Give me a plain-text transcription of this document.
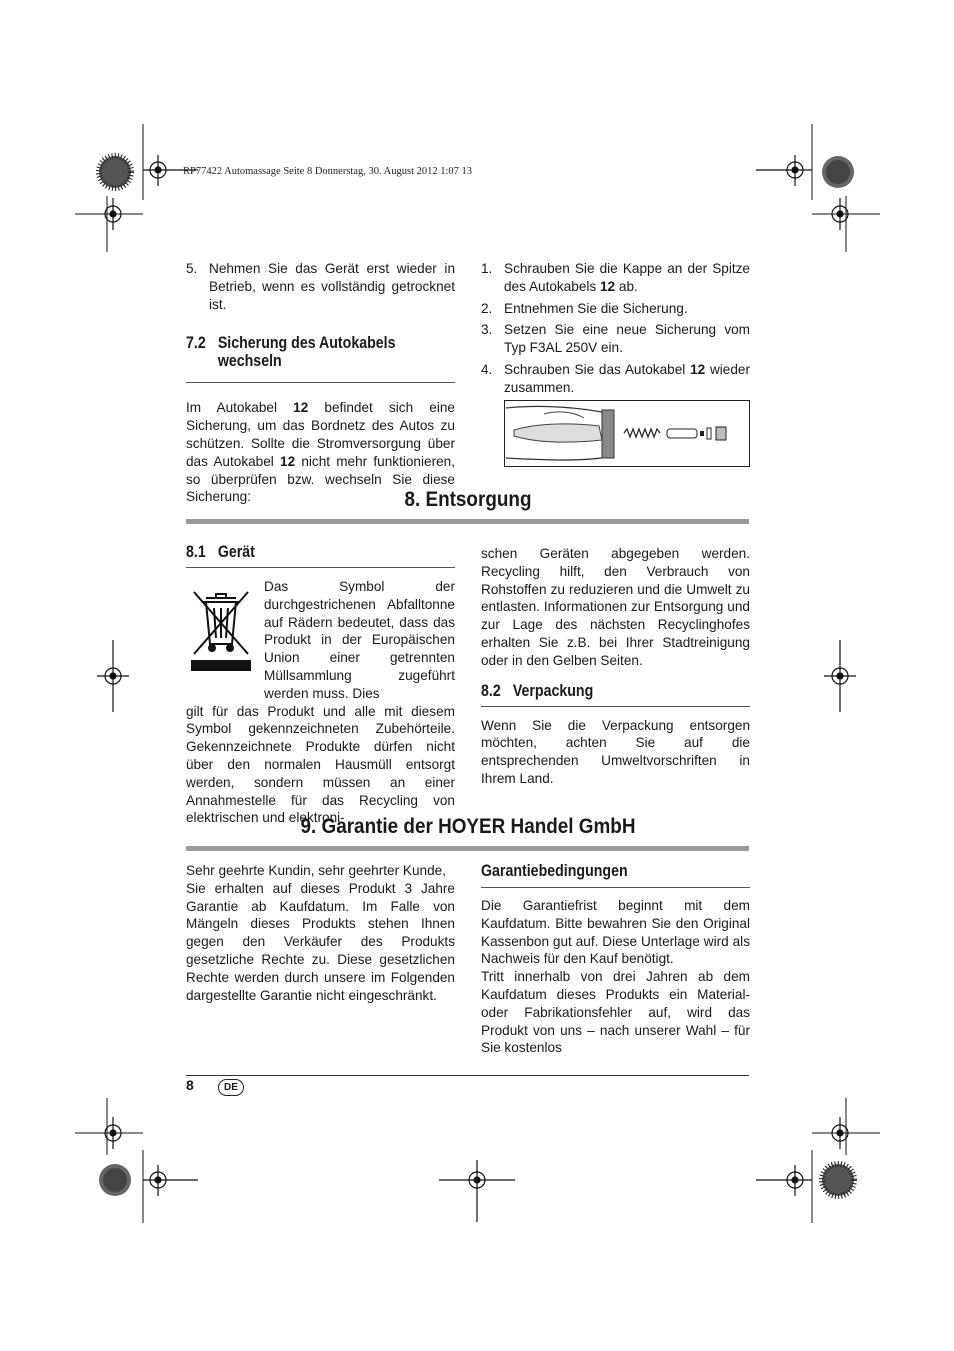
RP77422 Automassage Seite 8 Donnerstag, 30. August 2012 1:07 13
5. Nehmen Sie das Gerät erst wieder in Betrieb, wenn es vollständig getrocknet ist.
7.2 Sicherung des Autokabels
wechseln

Im Autokabel 12 befindet sich eine Sicherung, um das Bordnetz des Autos zu schützen. Sollte die Stromversorgung über das Autokabel 12 nicht mehr funktionieren, so überprüfen bzw. wechseln Sie diese Sicherung:

1. Schrauben Sie die Kappe an der Spitze des Autokabels 12 ab.
2. Entnehmen Sie die Sicherung.
3. Setzen Sie eine neue Sicherung vom Typ F3AL 250V ein.
4. Schrauben Sie das Autokabel 12 wieder zusammen.
8. Entsorgung
8.1 Gerät

Das Symbol der durchgestrichenen Abfalltonne auf Rädern bedeutet, dass das Produkt in der Europäischen Union einer getrennten Müllsammlung zugeführt werden muss. Dies

gilt für das Produkt und alle mit diesem Symbol gekennzeichneten Zubehörteile. Gekennzeichnete Produkte dürfen nicht über den normalen Hausmüll entsorgt werden, sondern müssen an einer Annahmestelle für das Recycling von elektrischen und elektroni-

schen Geräten abgegeben werden. Recycling hilft, den Verbrauch von Rohstoffen zu reduzieren und die Umwelt zu entlasten. Informationen zur Entsorgung und zur Lage des nächsten Recyclinghofes erhalten Sie z.B. bei Ihrer Stadtreinigung oder in den Gelben Seiten.

8.2 Verpackung

Wenn Sie die Verpackung entsorgen möchten, achten Sie auf die entsprechenden Umweltvorschriften in Ihrem Land.

9. Garantie der HOYER Handel GmbH

Sehr geehrte Kundin, sehr geehrter Kunde,

Sie erhalten auf dieses Produkt 3 Jahre Garantie ab Kaufdatum. Im Falle von Mängeln dieses Produkts stehen Ihnen gegen den Verkäufer des Produkts gesetzliche Rechte zu. Diese gesetzlichen Rechte werden durch unsere im Folgenden dargestellte Garantie nicht eingeschränkt.

Garantiebedingungen

Die Garantiefrist beginnt mit dem Kaufdatum. Bitte bewahren Sie den Original Kassenbon gut auf. Diese Unterlage wird als Nachweis für den Kauf benötigt.

Tritt innerhalb von drei Jahren ab dem Kaufdatum dieses Produkts ein Material- oder Fabrikationsfehler auf, wird das Produkt von uns – nach unserer Wahl – für Sie kostenlos

8	DE
